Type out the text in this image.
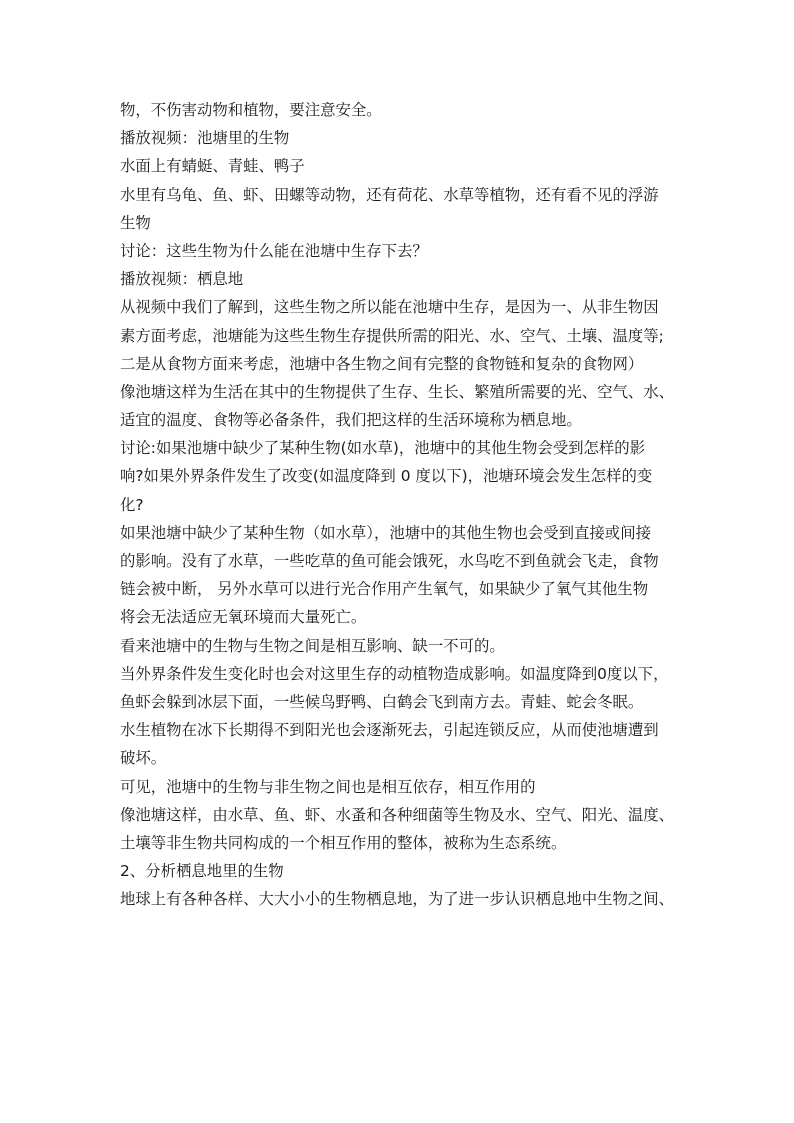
物，不伤害动物和植物，要注意安全。
播放视频：池塘里的生物
水面上有蜻蜓、青蛙、鸭子
水里有乌龟、鱼、虾、田螺等动物，还有荷花、水草等植物，还有看不见的浮游
生物
讨论：这些生物为什么能在池塘中生存下去？
播放视频：栖息地
从视频中我们了解到，这些生物之所以能在池塘中生存，是因为一、从非生物因
素方面考虑，池塘能为这些生物生存提供所需的阳光、水、空气、土壤、温度等;
二是从食物方面来考虑，池塘中各生物之间有完整的食物链和复杂的食物网）
像池塘这样为生活在其中的生物提供了生存、生长、繁殖所需要的光、空气、水、
适宜的温度、食物等必备条件，我们把这样的生活环境称为栖息地。
讨论:如果池塘中缺少了某种生物(如水草)，池塘中的其他生物会受到怎样的影
响?如果外界条件发生了改变(如温度降到 0 度以下)，池塘环境会发生怎样的变
化?
如果池塘中缺少了某种生物（如水草），池塘中的其他生物也会受到直接或间接
的影响。没有了水草，一些吃草的鱼可能会饿死，水鸟吃不到鱼就会飞走，食物
链会被中断， 另外水草可以进行光合作用产生氧气，如果缺少了氧气其他生物
将会无法适应无氧环境而大量死亡。
看来池塘中的生物与生物之间是相互影响、缺一不可的。
当外界条件发生变化时也会对这里生存的动植物造成影响。如温度降到0度以下，
鱼虾会躲到冰层下面，一些候鸟野鸭、白鹤会飞到南方去。青蛙、蛇会冬眠。
水生植物在冰下长期得不到阳光也会逐渐死去，引起连锁反应，从而使池塘遭到
破坏。
可见，池塘中的生物与非生物之间也是相互依存，相互作用的
像池塘这样，由水草、鱼、虾、水蚤和各种细菌等生物及水、空气、阳光、温度、
土壤等非生物共同构成的一个相互作用的整体，被称为生态系统。
2、分析栖息地里的生物
地球上有各种各样、大大小小的生物栖息地，为了进一步认识栖息地中生物之间、
